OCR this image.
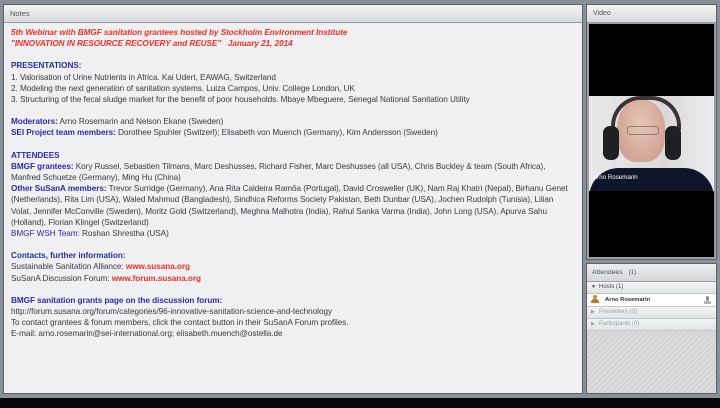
Notes
5th Webinar with BMGF sanitation grantees hosted by Stockholm Environment Institute
"INNOVATION IN RESOURCE RECOVERY and REUSE"   January 21, 2014
PRESENTATIONS:
1. Valorisation of Urine Nutrients in Africa. Kai Udert, EAWAG, Switzerland
2. Modeling the next generation of sanitation systems. Luiza Campos, Univ. College London, UK
3. Structuring of the fecal sludge market for the benefit of poor households. Mbaye Mbeguere, Senegal National Sanitation Utility
Moderators: Arno Rosemarin and Nelson Ekane (Sweden)
SEI Project team members: Dorothee Spuhler (Switzerl); Elisabeth von Muench (Germany), Kim Andersson (Sweden)
ATTENDEES
BMGF grantees: Kory Russel, Sebastien Tilmans, Marc Deshusses, Richard Fisher, Marc Deshusses (all USA), Chris Buckley & team (South Africa), Manfred Schuetze (Germany), Ming Hu (China)
Other SuSanA members: Trevor Surridge (Germany), Ana Rita Caldeira Ramôa (Portugal), David Crosweller (UK), Nam Raj Khatri (Nepal), Birhanu Genet (Netherlands), Rita Lim (USA), Waled Mahmud (Bangladesh), Sindhica Reforms Society Pakistan, Beth Dunbar (USA), Jochen Rudolph (Tunisia), Lilian Volat, Jennifer McConville (Sweden), Moritz Gold (Switzerland), Meghna Malhotra (India), Rahul Sanka Varma (India), John Long (USA), Apurva Sahu (Holland), Florian Klingel (Switzerland)
BMGF WSH Team: Roshan Shrestha (USA)
Contacts, further information:
Sustainable Sanitation Alliance: www.susana.org
SuSanA Discussion Forum: www.forum.susana.org
BMGF sanitation grants page on the discussion forum:
http://forum.susana.org/forum/categories/96-innovative-sanitation-science-and-technology
To contact grantees & forum members, click the contact button in their SuSanA Forum profiles.
E-mail: arno.rosemarin@sei-international.org; elisabeth.muench@ostella.de
Video
Arno Rosemarin
Attendees (1)
▼ Hosts (1)
Arno Rosemarin
▶ Presenters (0)
▶ Participants (0)
